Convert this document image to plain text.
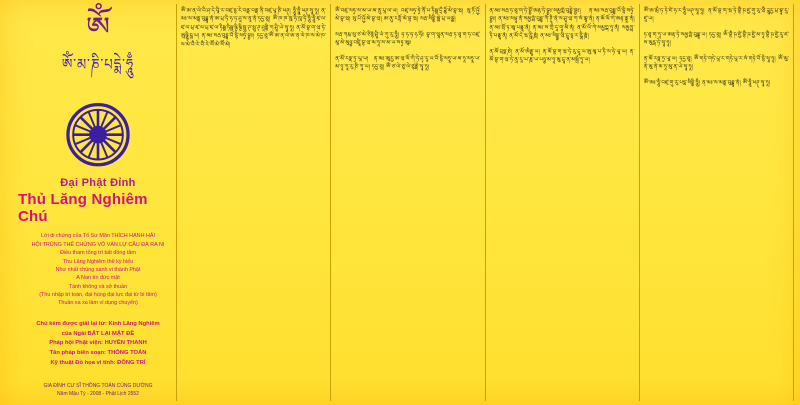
ཨོཾ
ཨོཾ་མ་ཎི་པདྨེ་ཧཱུྃ
Đại Phật Đỉnh
Thủ Lăng Nghiêm Chú
Lời di chứng của Tổ Sư Mãn THÍCH HẠNH HẢI
HỘI TRÙNG THẾ CHỨNG VÔ VÀN LỰ CẦU ĐÀ RA NI
Điều tham tổng trì bất đồng tâm
Thu Lăng Nghiêm thể kỳ hiếu
Như nhất chúng sanh vi thành Phật
A Nan tín đức mật
Tánh không và sở thuần
(Thu nhập trì toàn, đại hùng đại lực đại từ bi tâm)
Thuần xa xa làm ví dụng chuyển)
Chú kèm được giải lại từ: Kinh Lăng Nghiêm
của Ngài BẤT LẠI MẬT ĐỀ
Pháp hội Phật viện: HUYỀN THANH
Tân pháp biên soạn: THÔNG TOÁN
Kỹ thuật Đồ họa vi tính: ĐÔNG TRÍ
GIA ĐÌNH CƯ SĨ THÔNG TOÁN CÚNG DƯỜNG
Năm Mậu Tý - 2008 - Phật Lịch 2552
ཨོཾ་ཨ་ན་ལེ་བི་ཤ་དེ་བཱི་ར་བཛྲ་དྷ་རེ་བནྡ་བནྡ་ནི་བཛྲ་པཱ་ཎི་ཕཊ྄། ཧཱུྃ་ཏྲཱུྃ་ཕཊ྄་སྭཱ་ཧཱ། ན་མཿ་ས་མནྟ་བུདྡྷཱ་ནཾ་ཨ་པྲ་ཏི་ཧ་ཏ་ཤཱ་ས་ནཱ་ནཾ་ཏདྱ་ཐཱ། ཨོཾ་ཁ་ཁ་ཁཱ་ཧི་ཁཱ་ཧི་ཧཱུྃ་ཧཱུྃ་ཛྭ་ལ་ཛྭ་ལ་པྲ་ཛྭ་ལ་པྲ་ཛྭ་ལ་ཏིཥྛ་ཏིཥྛ་ཥྚྲི་ཥྚྲི་སྥུ་ཊ་སྥུ་ཊ་ཤཱནྟི་ཀ་ཤྲཱི་ཡེ་སྭཱ་ཧཱ། ན་མོ་བྷ་ག་ཝ་ཏེ་ཨུཥྞཱི་ཥཱ་ཡ། ན་མཿ་སརྦ་བུདྡྷ་བོ་དྷི་སཏྭེ་བྷྱཿ། ཏདྱ་ཐཱ་ཨོཾ་ཨ་ན་ལེ་ཨ་ན་ལེ་ཁ་ས་མེ་ཁ་ས་མེ་བཻ་རེ་བཻ་རེ་སཽ་མེ་སཽ་མེ།
ཨོཾ་བཛྲ་སཏྭ་ས་མ་ཡ་མ་ནུ་པཱ་ལ་ཡ། བཛྲ་སཏྭ་ཏྭེ་ནོ་པ་ཏིཥྛ་དྲྀ་ཌྷོ་མེ་བྷ་ཝ། སུ་ཏོ་ཥྱོ་མེ་བྷ་ཝ། སུ་པོ་ཥྱོ་མེ་བྷ་ཝ། ཨ་ནུ་རཀྟོ་མེ་བྷ་ཝ། སརྦ་སིདྡྷི་མྨེ་པྲ་ཡཙྪ།
སརྦ་ཀརྨ་སུ་ཙ་མེ་ཙིཏྟཾ་ཤྲཱི་ཡཾ་ཀུ་རུ་ཧཱུྃ། ཧ་ཧ་ཧ་ཧ་ཧོཿ བྷ་ག་ཝཱན་སརྦ་ཏ་ཐཱ་ག་ཏ་བཛྲ་མཱ་མེ་མུཉྩ་བཛྲཱི་བྷ་ཝ་མ་ཧཱ་ས་མ་ཡ་སཏྭ་ཨཱཿ
ན་མོ་རཏྣ་ཏྲ་ཡཱ་ཡ། ན་མཿ་ཨཱརྱ་ཨ་ཝ་ལོ་ཀི་ཏེ་ཤྭ་རཱ་ཡ་བོ་དྷི་སཏྭཱ་ཡ་མ་ཧཱ་སཏྭཱ་ཡ་མ་ཧཱ་ཀཱ་རུ་ཎི་ཀཱ་ཡ། ཏདྱ་ཐཱ། ཨོཾ་ཙ་ལེ་ཙུ་ལེ་ཙུནྡེ་སྭཱ་ཧཱ།
ན་མཿ་སརྦ་ཏ་ཐཱ་ག་ཏེ་བྷྱོ་ཨརྷ་ཏེ་བྷྱཿ་སམྱཀྶཾ་བུདྡྷེ་བྷྱཿ། ན་མཿ་སརྦ་བུདྡྷ་བོ་དྷི་སཏྭེ་བྷྱཿ། ན་མཿ་སཔྟཱ་ནཾ་སམྱཀྶཾ་བུདྡྷ་ཀོ་ཊཱི་ནཾ་ས་ཤྲཱ་ཝ་ཀ་སཾ་གྷཱ་ནཾ། ན་མོ་ལོ་ཀེ་ཨརྷ་ནྟཱ་ནཾ། ན་མཿ་སྲོ་ཏ་ཨཱ་པནྣཱ་ནཾ། ན་མཿ་ས་ཀྲྀ་དཱ་གཱ་མི་ནཾ། ན་མོ་ལོ་ཀེ་སམྱཀྒ་ཏཱ་ནཾ། སམྱཀྤྲ་ཏི་པནྣཱ་ནཾ། ན་མོ་དེ་ཝ་རྵཱི་ཎཱཾ། ན་མཿ་སིདྡྷྱ་ཝི་དྱཱ་དྷ་ར་རྵཱི་ཎཱཾ།
ན་མོ་བྲཧྨ་ཎེ། ན་མོ་ཨིནྡྲཱ་ཡ། ན་མོ་བྷ་ག་ཝ་ཏེ་རུ་དྲཱ་ཡ་ཨུ་མཱ་པ་ཏི་ས་ཧེ་ཡཱ་ཡ། ན་མོ་བྷ་ག་ཝ་ཏེ་ནཱ་རཱ་ཡ་ཎཱ་ཡ་པཉྩ་མ་ཧཱ་མུ་དྲཱ་ན་མསྐྲྀ་ཏཱ་ཡ།
ཨོཾ་ཨ་མྲྀ་ཏ་ཏེ་ཛེ་ཧ་ར་ཧཱུྃ་ཕཊ྄་སྭཱ་ཧཱ། ན་མོ་བྷ་ག་ཝ་ཏེ་བྷཻ་ཥ་ཛྱ་གུ་རུ་ཝཻ་ཌཱུརྱ་པྲ་བྷཱ་རཱ་ཛཱ་ཡ།
ཏ་ཐཱ་ག་ཏཱ་ཡ་ཨརྷ་ཏེ་སམྱཀྶཾ་བུདྡྷཱ་ཡ། ཏདྱ་ཐཱ། ཨོཾ་བྷཻ་ཥ་ཛྱེ་བྷཻ་ཥ་ཛྱེ་མ་ཧཱ་བྷཻ་ཥ་ཛྱེ་རཱ་ཛ་ས་མུདྒ་ཏེ་སྭཱ་ཧཱ།
ན་མོ་རཏྣ་ཏྲ་ཡཱ་ཡ། ཏདྱ་ཐཱ། ཨོཾ་གཏེ་གཏེ་པཱ་ར་གཏེ་པཱ་ར་སཾ་གཏེ་བོ་དྷི་སྭཱ་ཧཱ། ཨོཾ་མུ་ནེ་མུ་ནེ་མ་ཧཱ་མུ་ན་ཡེ་སྭཱ་ཧཱ།
ཨོཾ་ཨཿ་ཧཱུྃ་བཛྲ་གུ་རུ་པདྨ་སིདྡྷི་ཧཱུྃ། ན་མཿ་ས་མནྟ་བུདྡྷཱ་ནཾ། ཨོཾ་ཧཱུྃ་ཕཊ྄་སྭཱ་ཧཱ།
